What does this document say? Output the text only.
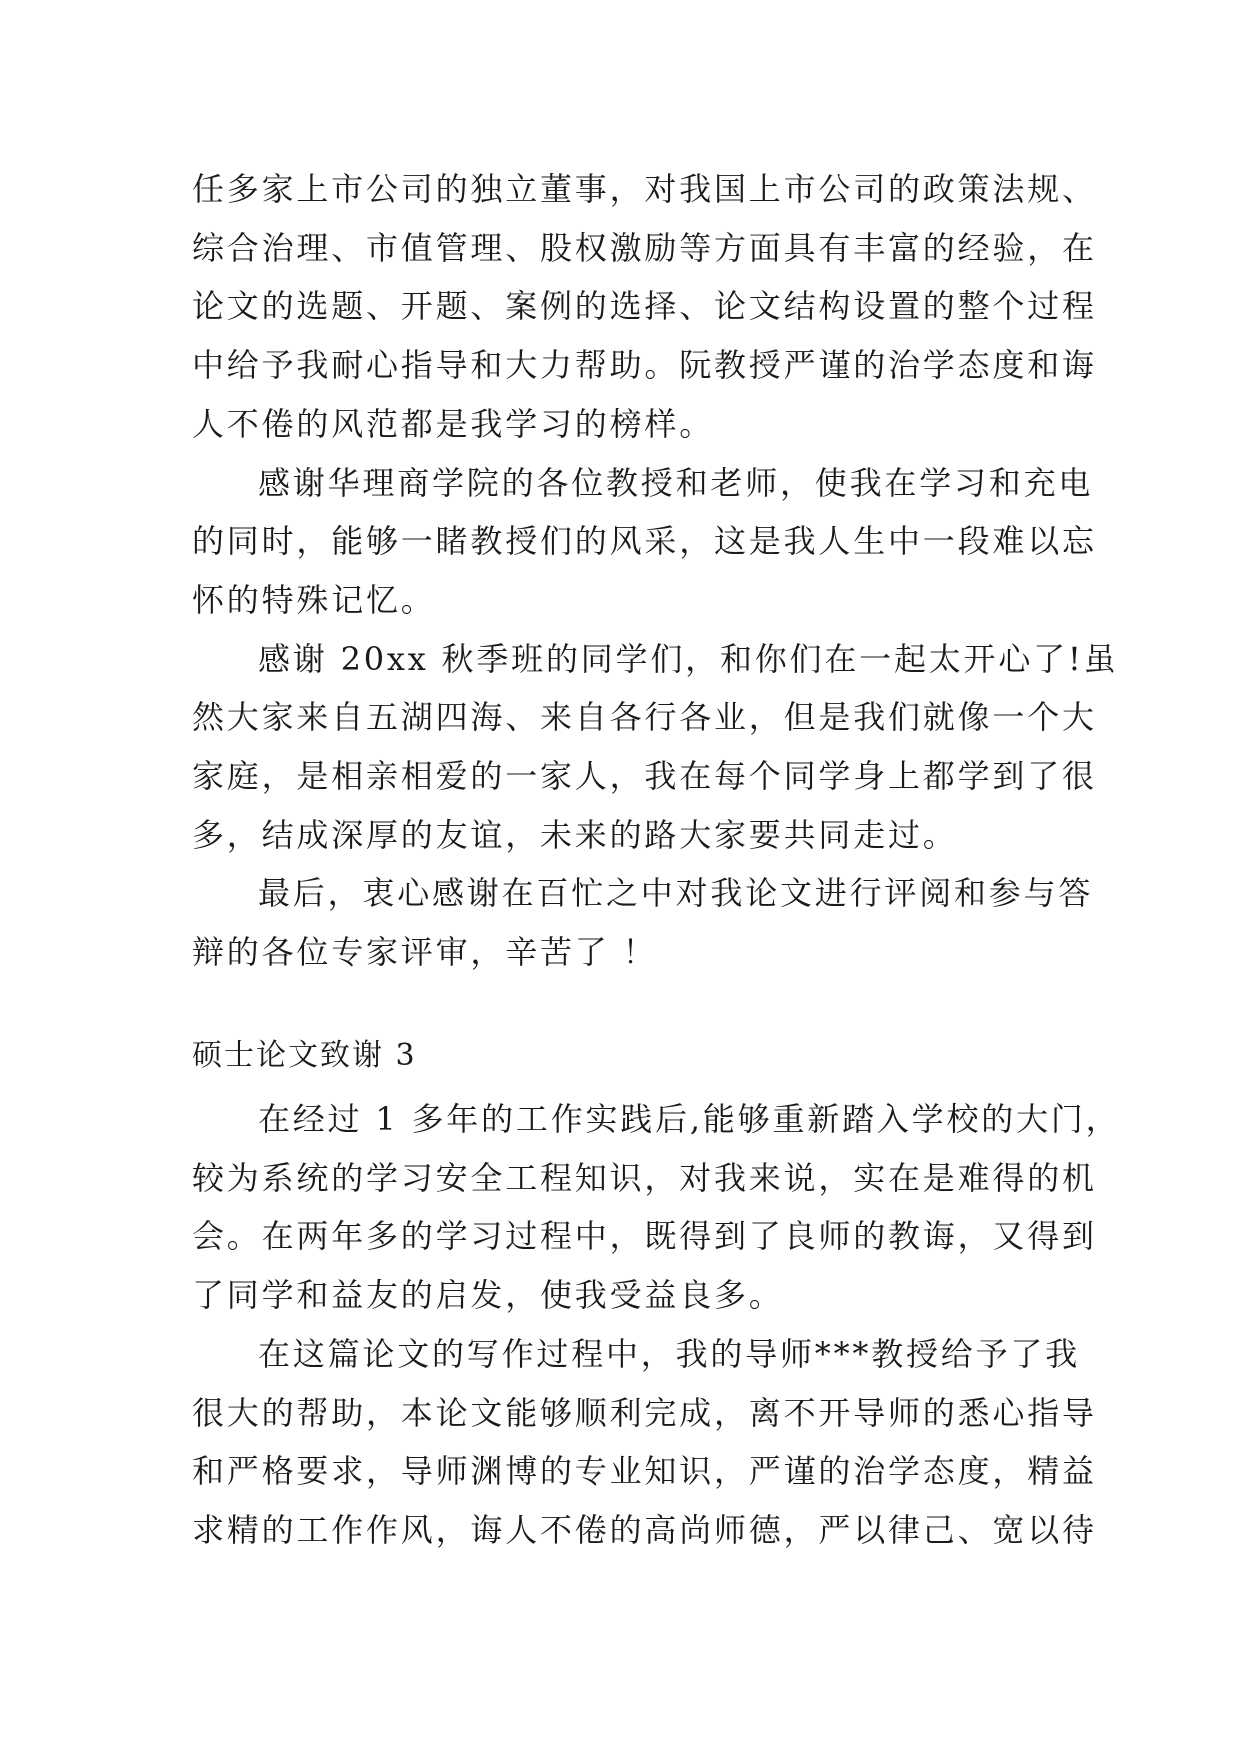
任多家上市公司的独立董事，对我国上市公司的政策法规、
综合治理、市值管理、股权激励等方面具有丰富的经验，在
论文的选题、开题、案例的选择、论文结构设置的整个过程
中给予我耐心指导和大力帮助。阮教授严谨的治学态度和诲
人不倦的风范都是我学习的榜样。
感谢华理商学院的各位教授和老师，使我在学习和充电
的同时，能够一睹教授们的风采，这是我人生中一段难以忘
怀的特殊记忆。
感谢 20xx 秋季班的同学们，和你们在一起太开心了!虽
然大家来自五湖四海、来自各行各业，但是我们就像一个大
家庭，是相亲相爱的一家人，我在每个同学身上都学到了很
多，结成深厚的友谊，未来的路大家要共同走过。
最后，衷心感谢在百忙之中对我论文进行评阅和参与答
辩的各位专家评审，辛苦了 ！
硕士论文致谢 3
在经过 1 多年的工作实践后,能够重新踏入学校的大门，
较为系统的学习安全工程知识，对我来说，实在是难得的机
会。在两年多的学习过程中，既得到了良师的教诲，又得到
了同学和益友的启发，使我受益良多。
在这篇论文的写作过程中，我的导师***教授给予了我
很大的帮助，本论文能够顺利完成，离不开导师的悉心指导
和严格要求，导师渊博的专业知识，严谨的治学态度，精益
求精的工作作风，诲人不倦的高尚师德，严以律己、宽以待
